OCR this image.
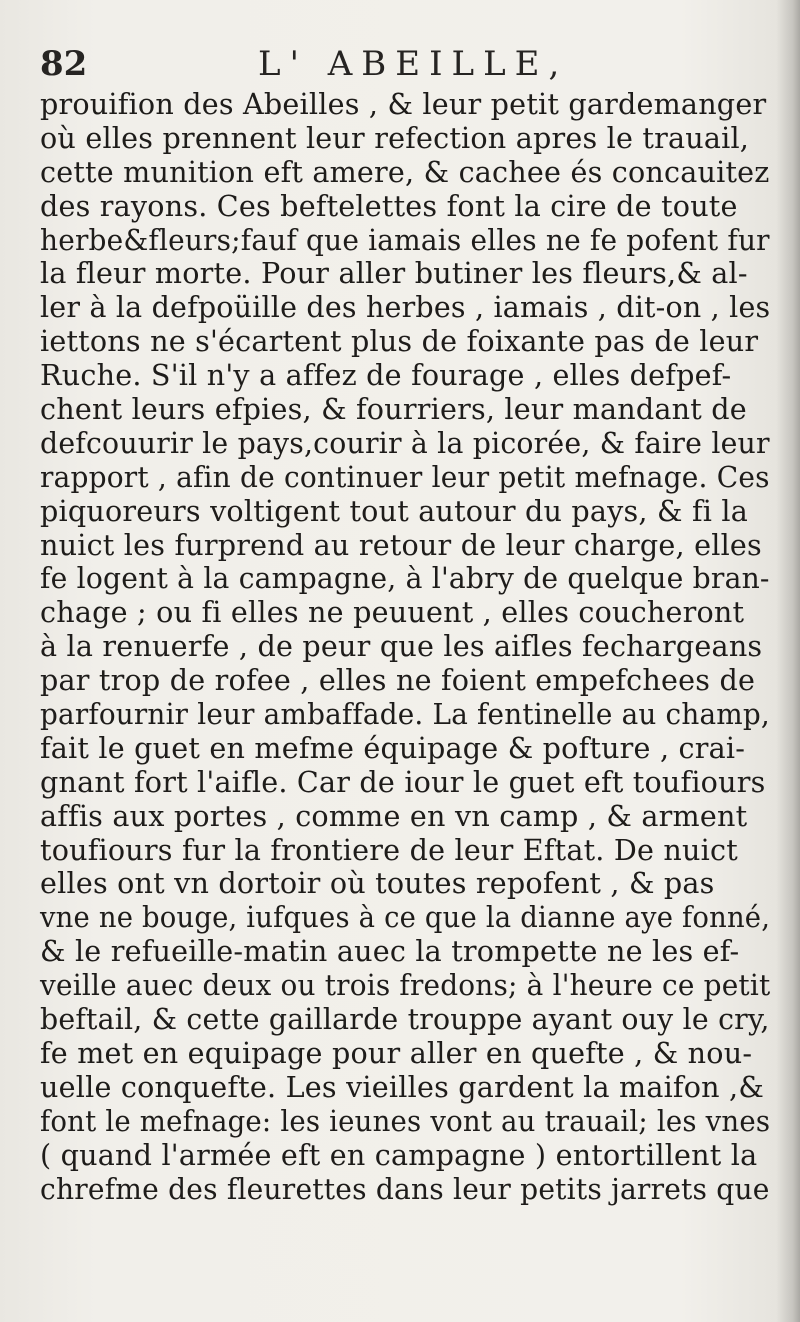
82	L' ABEILLE,
prouifion des Abeilles , & leur petit gardemanger
où elles prennent leur refection apres le trauail,
cette munition eft amere, & cachee és concauitez
des rayons. Ces beftelettes font la cire de toute
herbe&fleurs;fauf que iamais elles ne fe pofent fur
la fleur morte. Pour aller butiner les fleurs,& al-
ler à la defpoüille des herbes , iamais , dit-on , les
iettons ne s'écartent plus de foixante pas de leur
Ruche. S'il n'y a affez de fourage , elles defpef-
chent leurs efpies, & fourriers, leur mandant de
defcouurir le pays,courir à la picorée, & faire leur
rapport , afin de continuer leur petit mefnage. Ces
piquoreurs voltigent tout autour du pays, & fi la
nuict les furprend au retour de leur charge, elles
fe logent à la campagne, à l'abry de quelque bran-
chage ; ou fi elles ne peuuent , elles coucheront
à la renuerfe , de peur que les aifles fechargeans
par trop de rofee , elles ne foient empefchees de
parfournir leur ambaffade. La fentinelle au champ,
fait le guet en mefme équipage & pofture , crai-
gnant fort l'aifle. Car de iour le guet eft toufiours
affis aux portes , comme en vn camp , & arment
toufiours fur la frontiere de leur Eftat. De nuict
elles ont vn dortoir où toutes repofent , & pas
vne ne bouge, iufques à ce que la dianne aye fonné,
& le refueille-matin auec la trompette ne les ef-
veille auec deux ou trois fredons; à l'heure ce petit
beftail, & cette gaillarde trouppe ayant ouy le cry,
fe met en equipage pour aller en quefte , & nou-
uelle conquefte. Les vieilles gardent la maifon ,&
font le mefnage: les ieunes vont au trauail; les vnes
( quand l'armée eft en campagne ) entortillent la
chrefme des fleurettes dans leur petits jarrets que
